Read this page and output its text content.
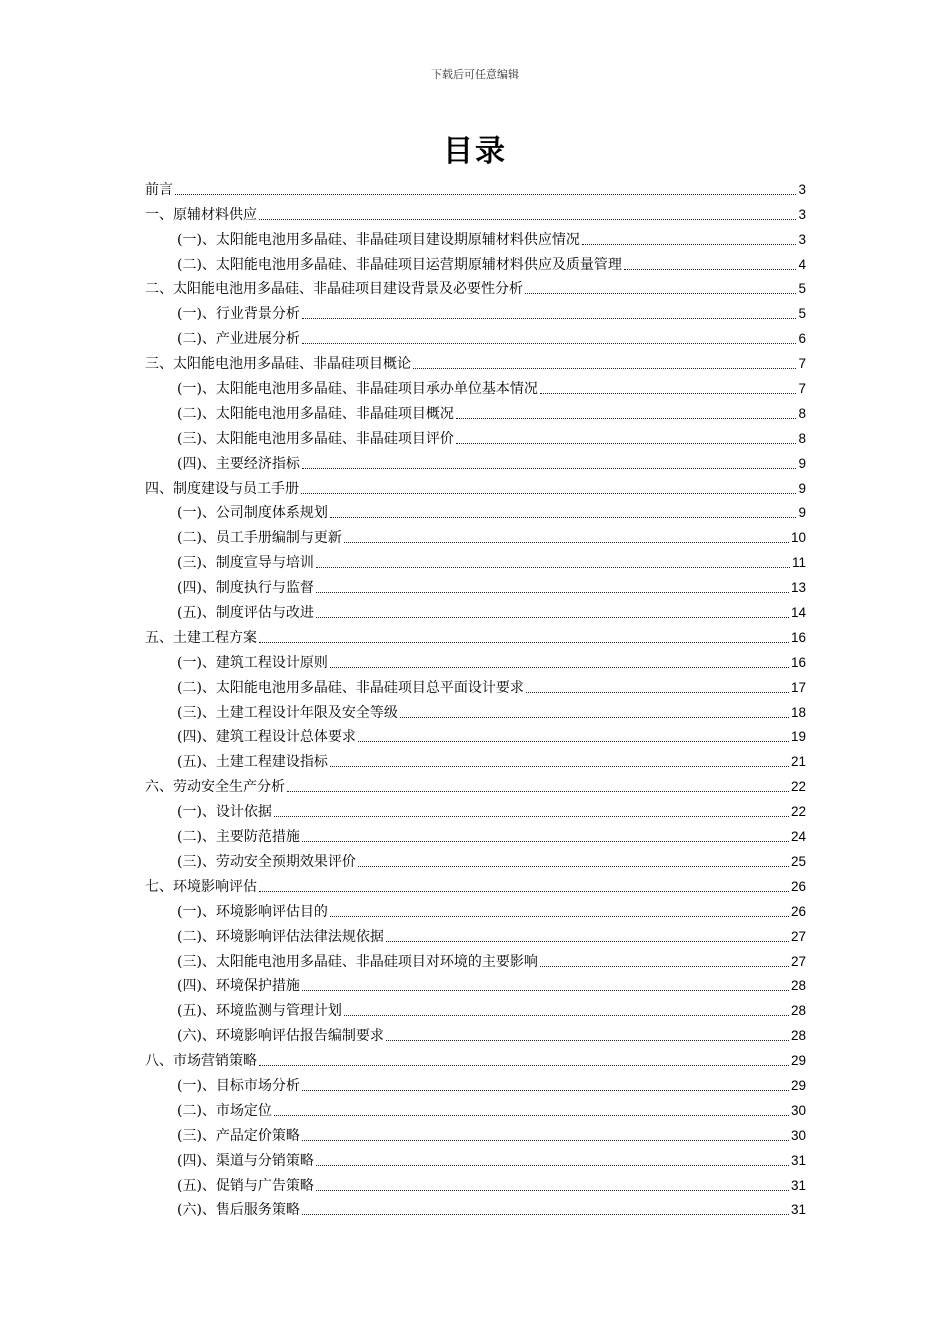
下载后可任意编辑
目录
前言	3
一、原辅材料供应	3
(一)、太阳能电池用多晶硅、非晶硅项目建设期原辅材料供应情况	3
(二)、太阳能电池用多晶硅、非晶硅项目运营期原辅材料供应及质量管理	4
二、太阳能电池用多晶硅、非晶硅项目建设背景及必要性分析	5
(一)、行业背景分析	5
(二)、产业进展分析	6
三、太阳能电池用多晶硅、非晶硅项目概论	7
(一)、太阳能电池用多晶硅、非晶硅项目承办单位基本情况	7
(二)、太阳能电池用多晶硅、非晶硅项目概况	8
(三)、太阳能电池用多晶硅、非晶硅项目评价	8
(四)、主要经济指标	9
四、制度建设与员工手册	9
(一)、公司制度体系规划	9
(二)、员工手册编制与更新	10
(三)、制度宣导与培训	11
(四)、制度执行与监督	13
(五)、制度评估与改进	14
五、土建工程方案	16
(一)、建筑工程设计原则	16
(二)、太阳能电池用多晶硅、非晶硅项目总平面设计要求	17
(三)、土建工程设计年限及安全等级	18
(四)、建筑工程设计总体要求	19
(五)、土建工程建设指标	21
六、劳动安全生产分析	22
(一)、设计依据	22
(二)、主要防范措施	24
(三)、劳动安全预期效果评价	25
七、环境影响评估	26
(一)、环境影响评估目的	26
(二)、环境影响评估法律法规依据	27
(三)、太阳能电池用多晶硅、非晶硅项目对环境的主要影响	27
(四)、环境保护措施	28
(五)、环境监测与管理计划	28
(六)、环境影响评估报告编制要求	28
八、市场营销策略	29
(一)、目标市场分析	29
(二)、市场定位	30
(三)、产品定价策略	30
(四)、渠道与分销策略	31
(五)、促销与广告策略	31
(六)、售后服务策略	31
